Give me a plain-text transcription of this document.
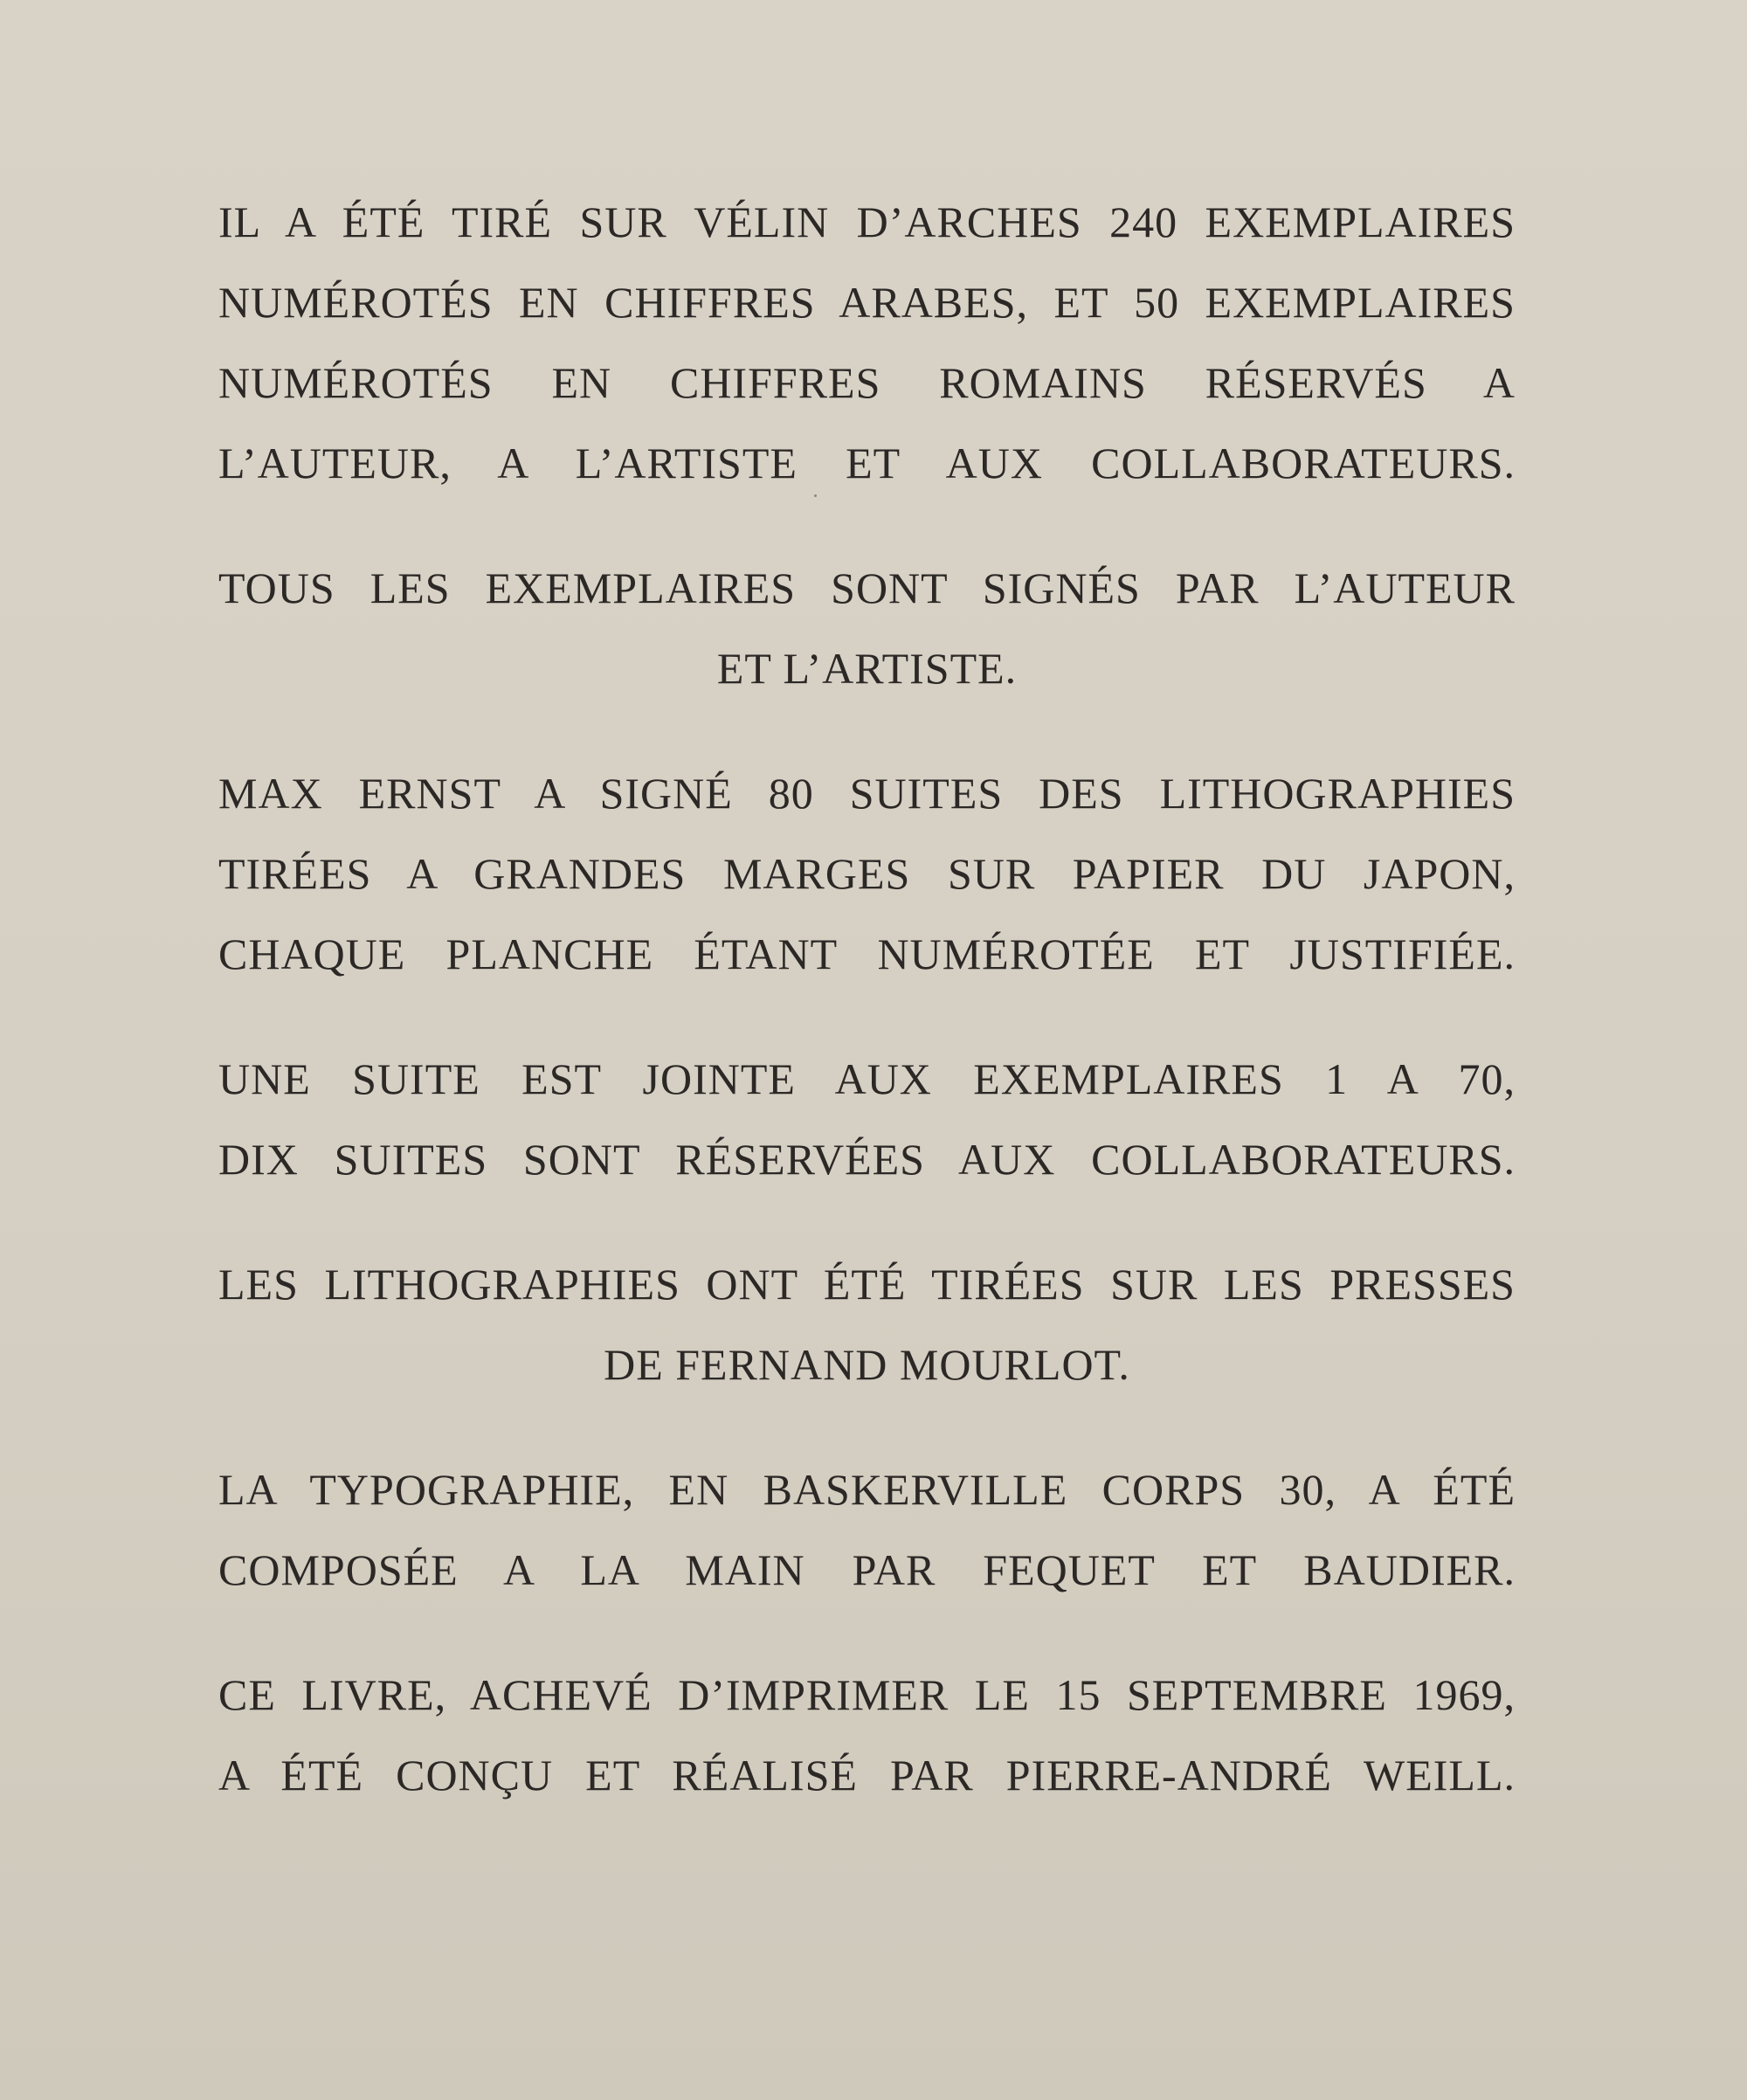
IL A ÉTÉ TIRÉ SUR VÉLIN D’ARCHES 240 EXEMPLAIRES
NUMÉROTÉS EN CHIFFRES ARABES, ET 50 EXEMPLAIRES
NUMÉROTÉS EN CHIFFRES ROMAINS RÉSERVÉS A
L’AUTEUR, A L’ARTISTE ET AUX COLLABORATEURS.
TOUS LES EXEMPLAIRES SONT SIGNÉS PAR L’AUTEUR
ET L’ARTISTE.
MAX ERNST A SIGNÉ 80 SUITES DES LITHOGRAPHIES
TIRÉES A GRANDES MARGES SUR PAPIER DU JAPON,
CHAQUE PLANCHE ÉTANT NUMÉROTÉE ET JUSTIFIÉE.
UNE SUITE EST JOINTE AUX EXEMPLAIRES 1 A 70,
DIX SUITES SONT RÉSERVÉES AUX COLLABORATEURS.
LES LITHOGRAPHIES ONT ÉTÉ TIRÉES SUR LES PRESSES
DE FERNAND MOURLOT.
LA TYPOGRAPHIE, EN BASKERVILLE CORPS 30, A ÉTÉ
COMPOSÉE A LA MAIN PAR FEQUET ET BAUDIER.
CE LIVRE, ACHEVÉ D’IMPRIMER LE 15 SEPTEMBRE 1969,
A ÉTÉ CONÇU ET RÉALISÉ PAR PIERRE-ANDRÉ WEILL.
